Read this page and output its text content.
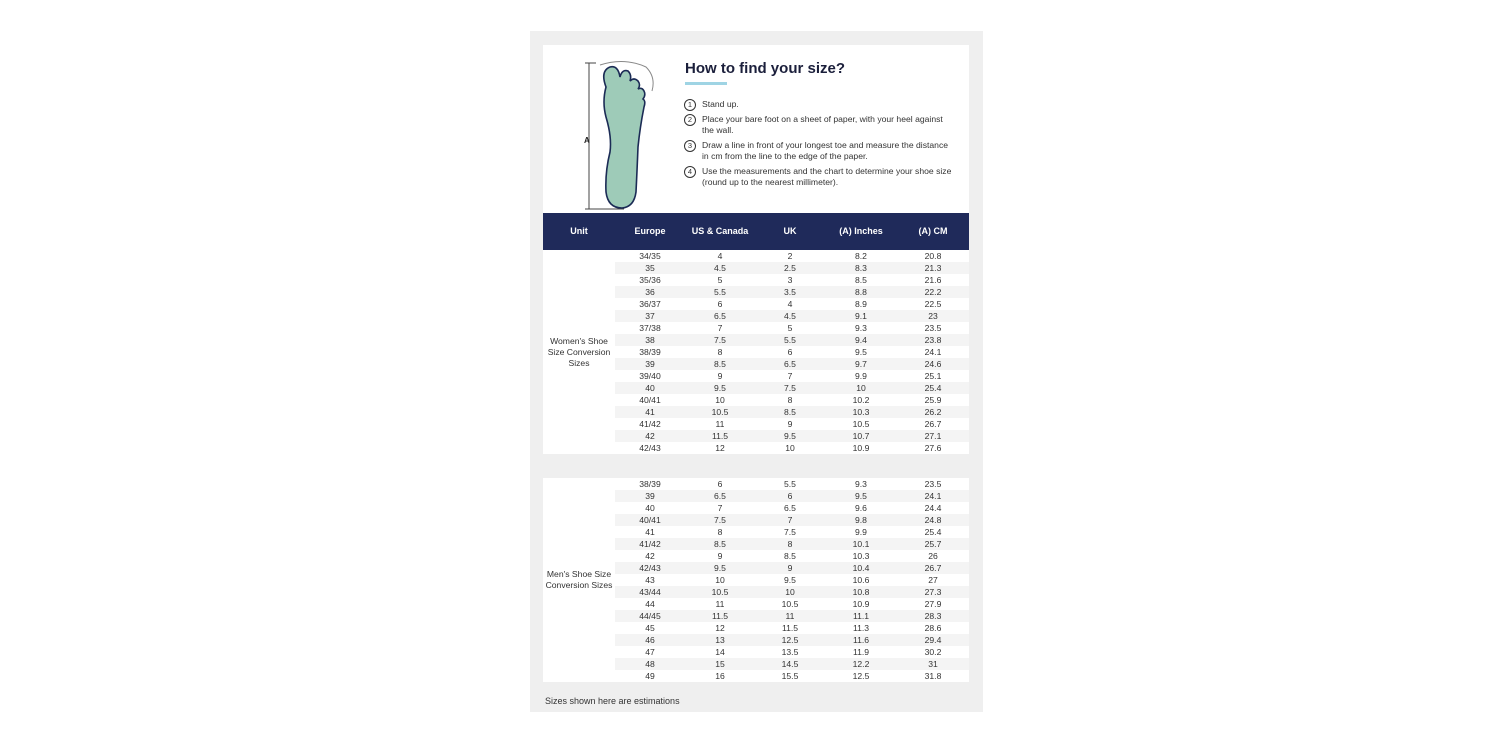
A
How to find your size?
1	Stand up.
2	Place your bare foot on a sheet of paper, with your heel against the wall.
3	Draw a line in front of your longest toe and measure the distance in cm from the line to the edge of the paper.
4	Use the measurements and the chart to determine your shoe size (round up to the nearest millimeter).
Unit	Europe	US & Canada	UK	(A) Inches	(A) CM
Women's Shoe Size Conversion Sizes	34/35	4	2	8.2	20.8
	35	4.5	2.5	8.3	21.3
	35/36	5	3	8.5	21.6
	36	5.5	3.5	8.8	22.2
	36/37	6	4	8.9	22.5
	37	6.5	4.5	9.1	23
	37/38	7	5	9.3	23.5
	38	7.5	5.5	9.4	23.8
	38/39	8	6	9.5	24.1
	39	8.5	6.5	9.7	24.6
	39/40	9	7	9.9	25.1
	40	9.5	7.5	10	25.4
	40/41	10	8	10.2	25.9
	41	10.5	8.5	10.3	26.2
	41/42	11	9	10.5	26.7
	42	11.5	9.5	10.7	27.1
	42/43	12	10	10.9	27.6

Men's Shoe Size Conversion Sizes	38/39	6	5.5	9.3	23.5
	39	6.5	6	9.5	24.1
	40	7	6.5	9.6	24.4
	40/41	7.5	7	9.8	24.8
	41	8	7.5	9.9	25.4
	41/42	8.5	8	10.1	25.7
	42	9	8.5	10.3	26
	42/43	9.5	9	10.4	26.7
	43	10	9.5	10.6	27
	43/44	10.5	10	10.8	27.3
	44	11	10.5	10.9	27.9
	44/45	11.5	11	11.1	28.3
	45	12	11.5	11.3	28.6
	46	13	12.5	11.6	29.4
	47	14	13.5	11.9	30.2
	48	15	14.5	12.2	31
	49	16	15.5	12.5	31.8

Sizes shown here are estimations
